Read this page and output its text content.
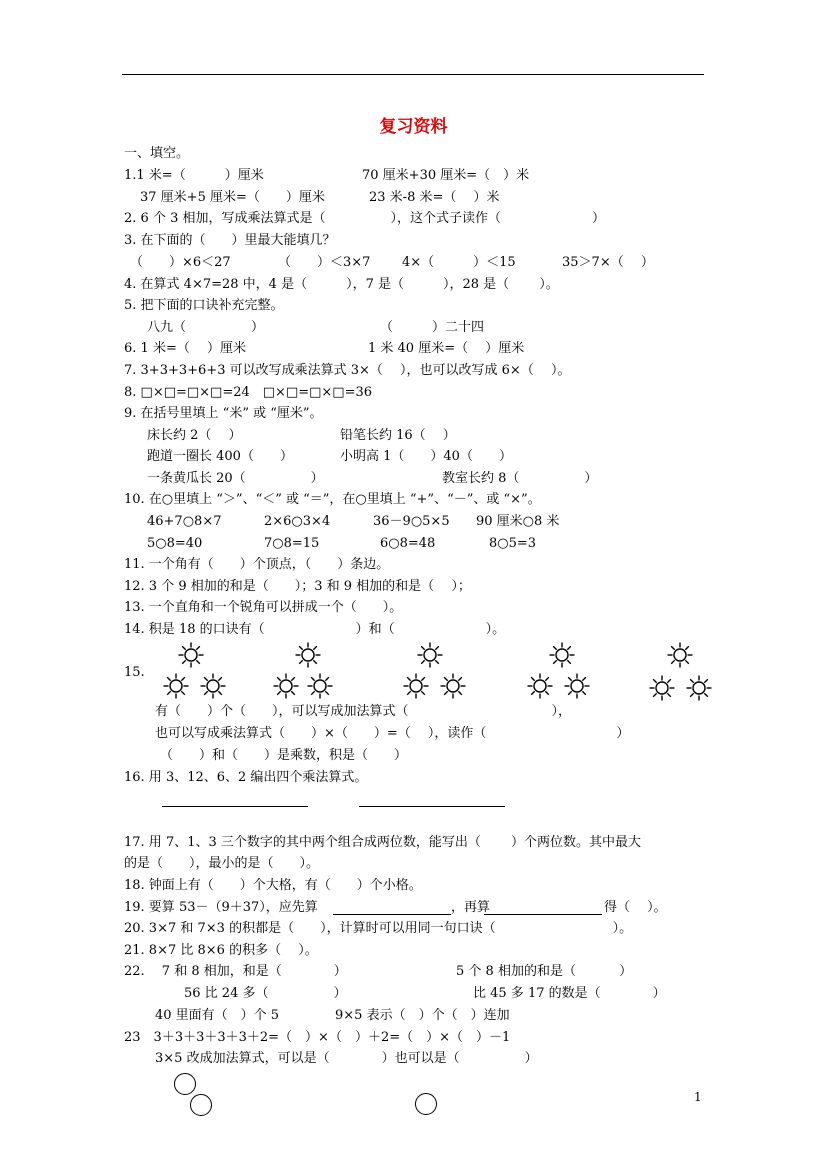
复习资料
一、填空。
1.1 米=（　　　）厘米	70 厘米+30 厘米=（　）米
37 厘米+5 厘米=（　　）厘米	23 米-8 米=（　 ）米
2. 6 个 3 相加，写成乘法算式是（　　　　　），这个式子读作（　　　　　　　）
3. 在下面的（　　）里最大能填几？
（　　）×6＜27	（　　）＜3×7 4×（　　　）＜15	35＞7×（　 ）
4. 在算式 4×7=28 中，4 是（　　　），7 是（　　　），28 是（　　 ）。
5. 把下面的口诀补充完整。
八九（　　　　　）	（　　　）二十四
6. 1 米=（　 ）厘米	1 米 40 厘米=（　 ）厘米
7. 3+3+3+6+3 可以改写成乘法算式 3×（　 ），也可以改写成 6×（　 ）。
8. □×□=□×□=24　□×□=□×□=36
9. 在括号里填上 “米” 或 “厘米”。
床长约 2（　 ）	铅笔长约 16（　 ）
跑道一圈长 400（　　）	小明高 1（　　）40（　　）
一条黄瓜长 20（　　　　　）	教室长约 8（　　　　　）
10. 在○里填上 “＞”、“＜” 或 “＝”，在○里填上 “+”、“－”、或 “×”。
46+7○8×7	2×6○3×4	36－9○5×5 90 厘米○8 米
5○8=40	7○8=15	6○8=48	8○5=3
11. 一个角有（　　）个顶点，（　　）条边。
12. 3 个 9 相加的和是（　　）；3 和 9 相加的和是（　 ）；
13. 一个直角和一个锐角可以拼成一个（　　）。
14. 积是 18 的口诀有（　　　　　　　）和（　　　　　　　）。
15.
有（　　）个（　　），可以写成加法算式（　　　　　　　　　　　），
也可以写成乘法算式（　　）×（　　）=（　 ），读作（　　　　　　　　　　）
（　　）和（　　）是乘数，积是（　　）
16. 用 3、12、6、2 编出四个乘法算式。
17. 用 7、1、3 三个数字的其中两个组合成两位数，能写出（　　 ）个两位数。其中最大
的是（　　），最小的是（　　）。
18. 钟面上有（　　）个大格，有（　　）个小格。
19. 要算 53－（9＋37），应先算	，再算	得（　 ）。
20. 3×7 和 7×3 的积都是（　　），计算时可以用同一句口诀（　　　　　　　　　）。
21. 8×7 比 8×6 的积多（　 ）。
22.　 7 和 8 相加，和是（　　　　）	5 个 8 相加的和是（　　　 ）
56 比 24 多（　　　　　）	比 45 多 17 的数是（　　　　）
40 里面有（　）个 5	9×5 表示（　）个（　）连加
23　3＋3＋3＋3＋3＋2=（　）×（　）＋2=（　）×（　）－1
3×5 改成加法算式，可以是（　　　　）也可以是（　　　　　）
1
